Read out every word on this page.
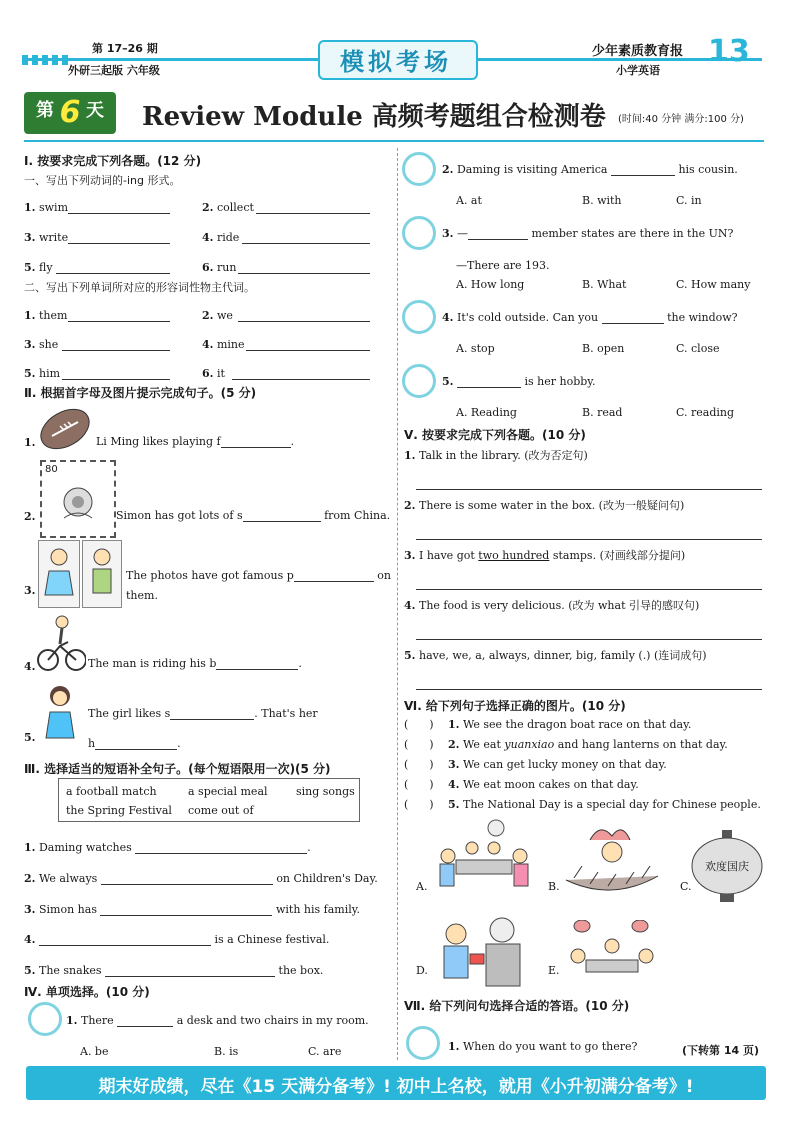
第 17–26 期
外研三起版 六年级	模拟考场	少年素质教育报
小学英语
13
第 6 天	Review Module 高频考题组合检测卷 (时间:40 分钟 满分:100 分)
Ⅰ. 按要求完成下列各题。(12 分)
一、写出下列动词的-ing 形式。
1. swim	2. collect
3. write	4. ride
5. fly	6. run
二、写出下列单词所对应的形容词性物主代词。
1. them	2. we
3. she	4. mine
5. him	6. it
Ⅱ. 根据首字母及图片提示完成句子。(5 分)
1.	Li Ming likes playing f	.
80
2.	Simon has got lots of s	from China.
3.
The photos have got famous p	on
them.
The man is riding his b	.
4.
5.
The girl likes s	. That's her
h	.
Ⅲ. 选择适当的短语补全句子。(每个短语限用一次)(5 分)
a football match	a special meal	sing songs
the Spring Festival come out of
1. Daming watches	.
2. We always	on Children's Day.
3. Simon has	with his family.
4.	is a Chinese festival.
5. The snakes	the box.
Ⅳ. 单项选择。(10 分)
1. There	a desk and two chairs in my room.
A. be	B. is	C. are
2. Daming is visiting America	his cousin.
A. at	B. with	C. in
3. —	member states are there in the UN?
—There are 193.
A. How long	B. What	C. How many
4. It's cold outside. Can you	the window?
A. stop	B. open	C. close
5.	is her hobby.
A. Reading	B. read	C. reading
Ⅴ. 按要求完成下列各题。(10 分)
1. Talk in the library. (改为否定句)
2. There is some water in the box. (改为一般疑问句)
3. I have got two hundred stamps. (对画线部分提问)
4. The food is very delicious. (改为 what 引导的感叹句)
5. have, we, a, always, dinner, big, family (.) (连词成句)
Ⅵ. 给下列句子选择正确的图片。(10 分)
(      ) 1. We see the dragon boat race on that day.
(      ) 2. We eat yuanxiao and hang lanterns on that day.
(      ) 3. We can get lucky money on that day.
(      ) 4. We eat moon cakes on that day.
(      ) 5. The National Day is a special day for Chinese people.
A.	B.	C.
欢度国庆
D.	E.
Ⅶ. 给下列问句选择合适的答语。(10 分)
1. When do you want to go there?	(下转第 14 页)
期末好成绩，尽在《15 天满分备考》! 初中上名校，就用《小升初满分备考》!
